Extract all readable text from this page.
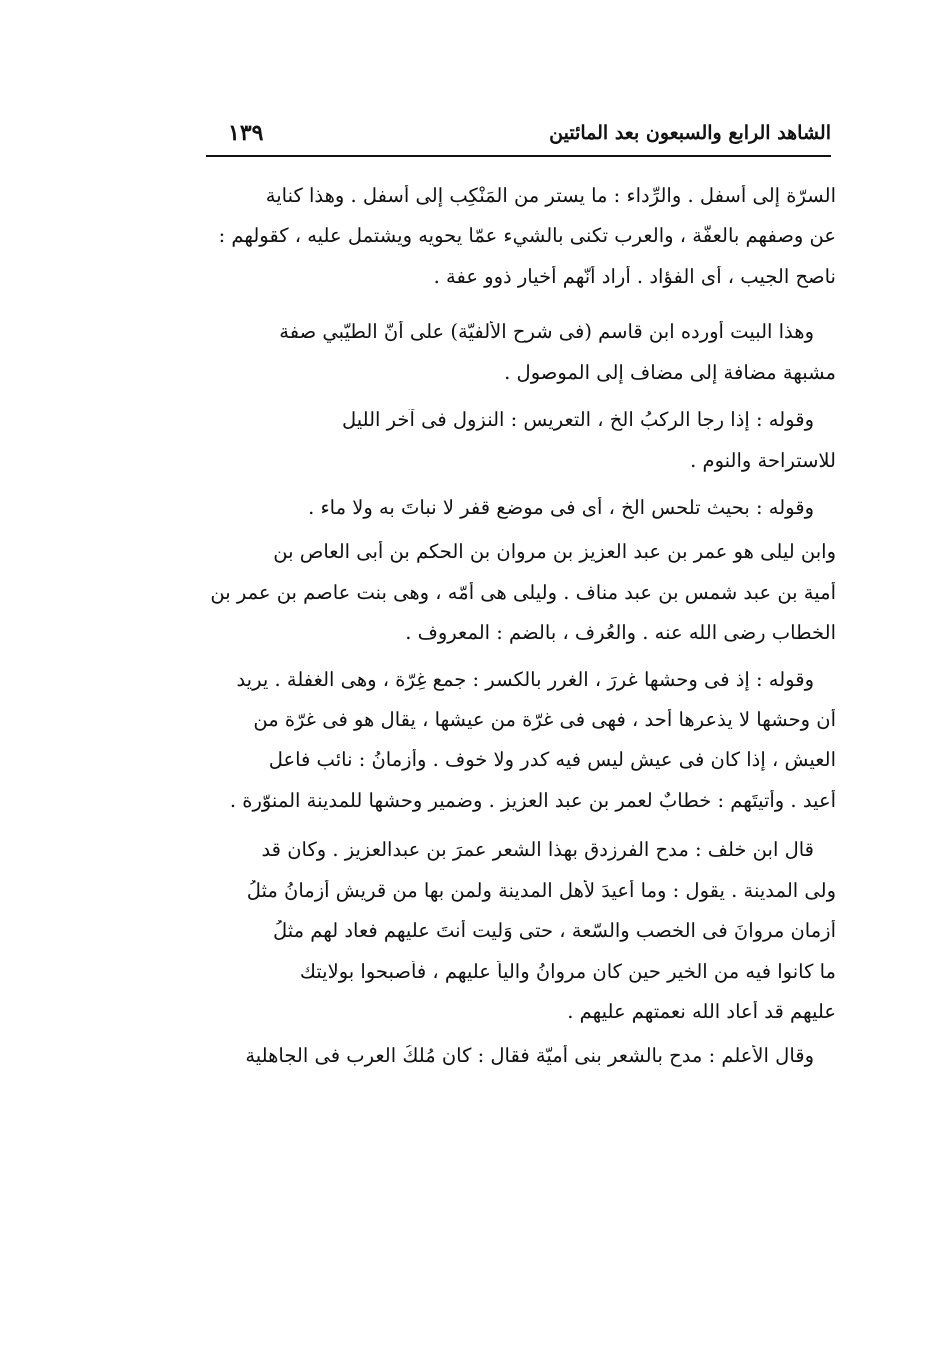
الشاهد الرابع والسبعون بعد المائتين
١٣٩
السرّة إلى أسفل . والرِّداء : ما يستر من المَنْكِب إلى أسفل . وهذا كناية
عن وصفهم بالعفّة ، والعرب تكنى بالشيء عمّا يحويه ويشتمل عليه ، كقولهم :
ناصح الجيب ، أى الفؤاد . أراد أنّهم أخيار ذوو عفة .
وهذا البيت أورده ابن قاسم (فى شرح الألفيّة) على أنّ الطيّبي صفة
مشبهة مضافة إلى مضاف إلى الموصول .
وقوله : إذا رجا الركبُ الخ ، التعريس : النزول فى آخر الليل
للاستراحة والنوم .
وقوله : بحيث تلحس الخ ، أى فى موضع قفر لا نباتَ به ولا ماء .
وابن ليلى هو عمر بن عبد العزيز بن مروان بن الحكم بن أبى العاص بن
أمية بن عبد شمس بن عبد مناف . وليلى هى أمّه ، وهى بنت عاصم بن عمر بن
الخطاب رضى الله عنه . والعُرف ، بالضم : المعروف .
وقوله : إذ فى وحشها غررَ ، الغرر بالكسر : جمع غِرّة ، وهى الغفلة . يريد
أن وحشها لا يذعرها أحد ، فهى فى غرّة من عيشها ، يقال هو فى غرّة من
العيش ، إذا كان فى عيش ليس فيه كدر ولا خوف . وأزمانُ : نائب فاعل
أُعيد . وأتيتَهم : خطابٌ لعمر بن عبد العزيز . وضمير وحشها للمدينة المنوّرة .
قال ابن خلف : مدح الفرزدق بهذا الشعر عمرَ بن عبدالعزيز . وكان قد
ولى المدينة . يقول : وما أُعيدَ لأهل المدينة ولمن بها من قريش أزمانُ مثلُ
أزمان مروانَ فى الخصب والسّعة ، حتى وَليت أنتَ عليهم فعاد لهم مثلُ
ما كانوا فيه من الخير حين كان مروانُ والياً عليهم ، فأصبحوا بولايتك
عليهم قد أعاد الله نعمتهم عليهم .
وقال الأعلم : مدح بالشعر بنى أميّة فقال : كان مُلكُ العرب فى الجاهلية
